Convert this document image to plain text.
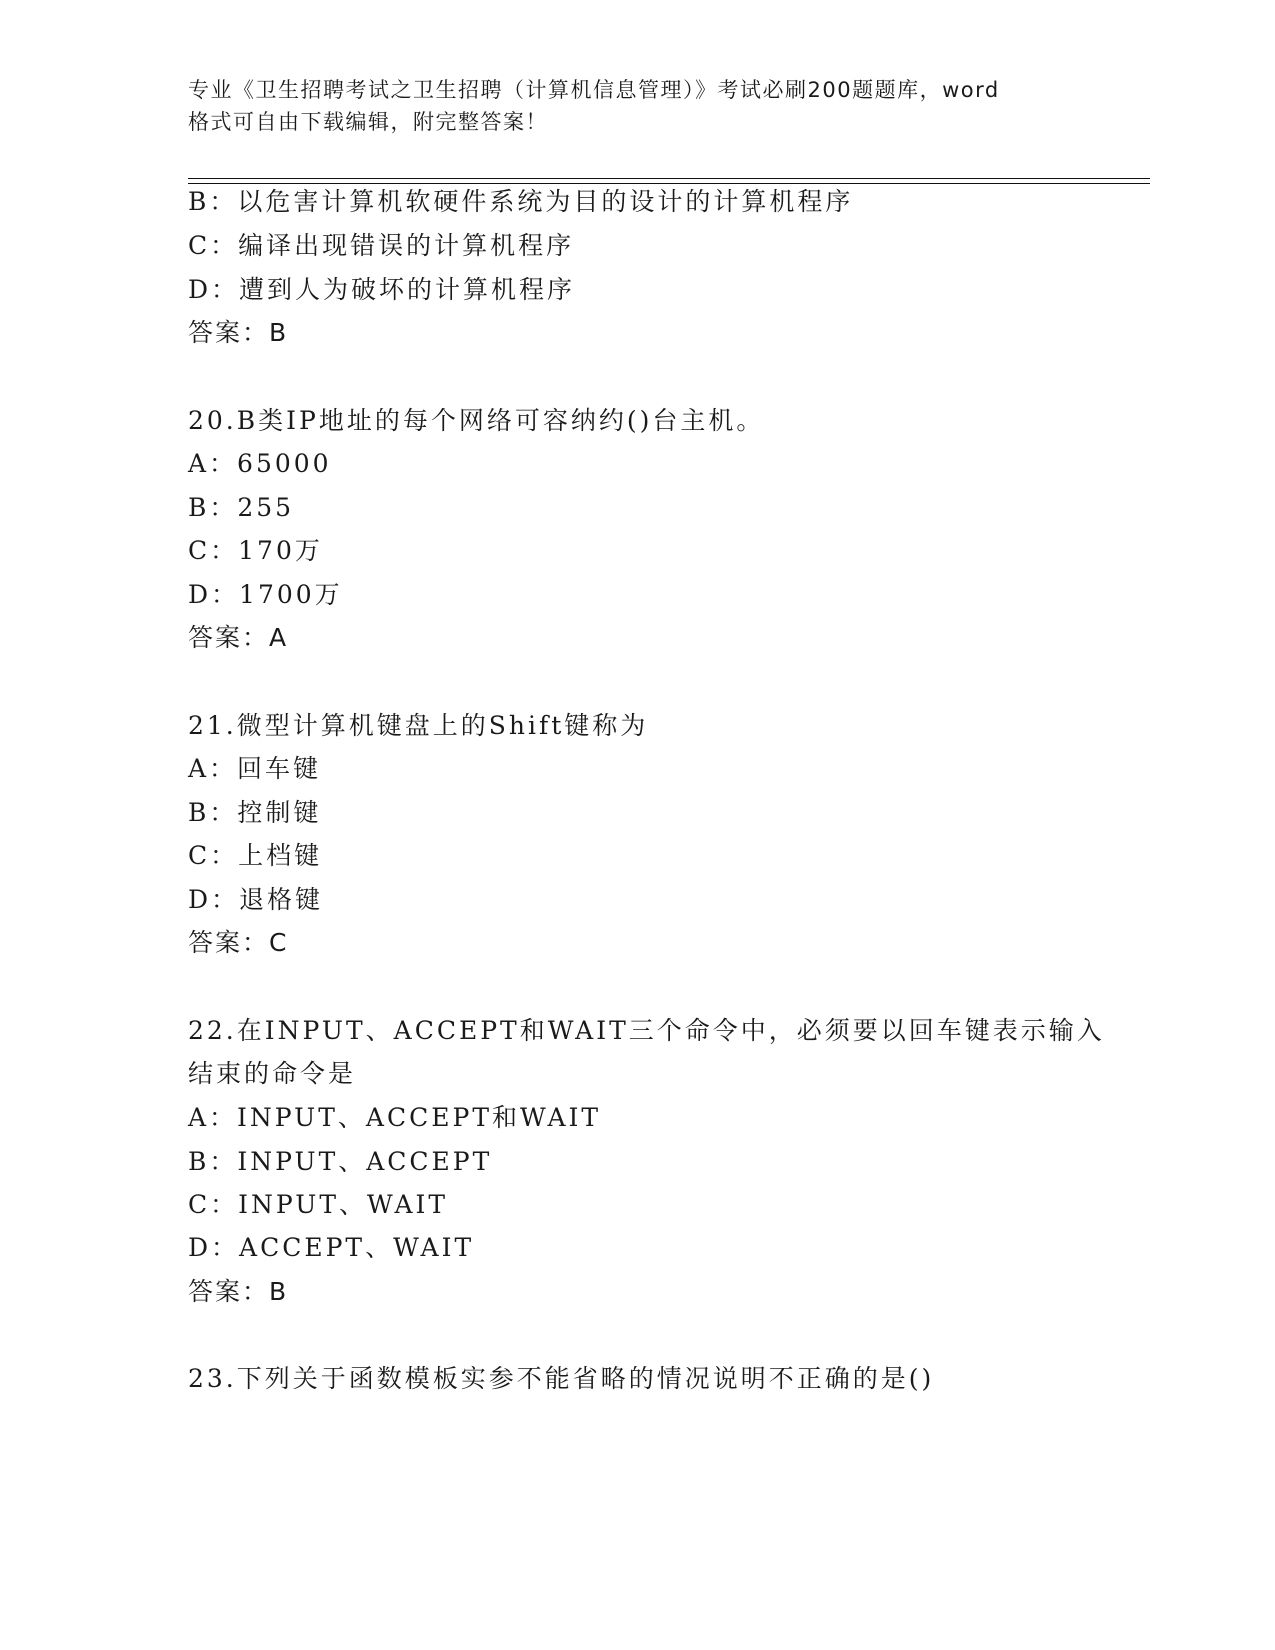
专业《卫生招聘考试之卫生招聘（计算机信息管理）》考试必刷200题题库，word
格式可自由下载编辑，附完整答案！
B：以危害计算机软硬件系统为目的设计的计算机程序
C：编译出现错误的计算机程序
D：遭到人为破坏的计算机程序
答案：B
20.B类IP地址的每个网络可容纳约()台主机。
A：65000
B：255
C：170万
D：1700万
答案：A
21.微型计算机键盘上的Shift键称为
A：回车键
B：控制键
C：上档键
D：退格键
答案：C
22.在INPUT、ACCEPT和WAIT三个命令中，必须要以回车键表示输入
结束的命令是
A：INPUT、ACCEPT和WAIT
B：INPUT、ACCEPT
C：INPUT、WAIT
D：ACCEPT、WAIT
答案：B
23.下列关于函数模板实参不能省略的情况说明不正确的是()
